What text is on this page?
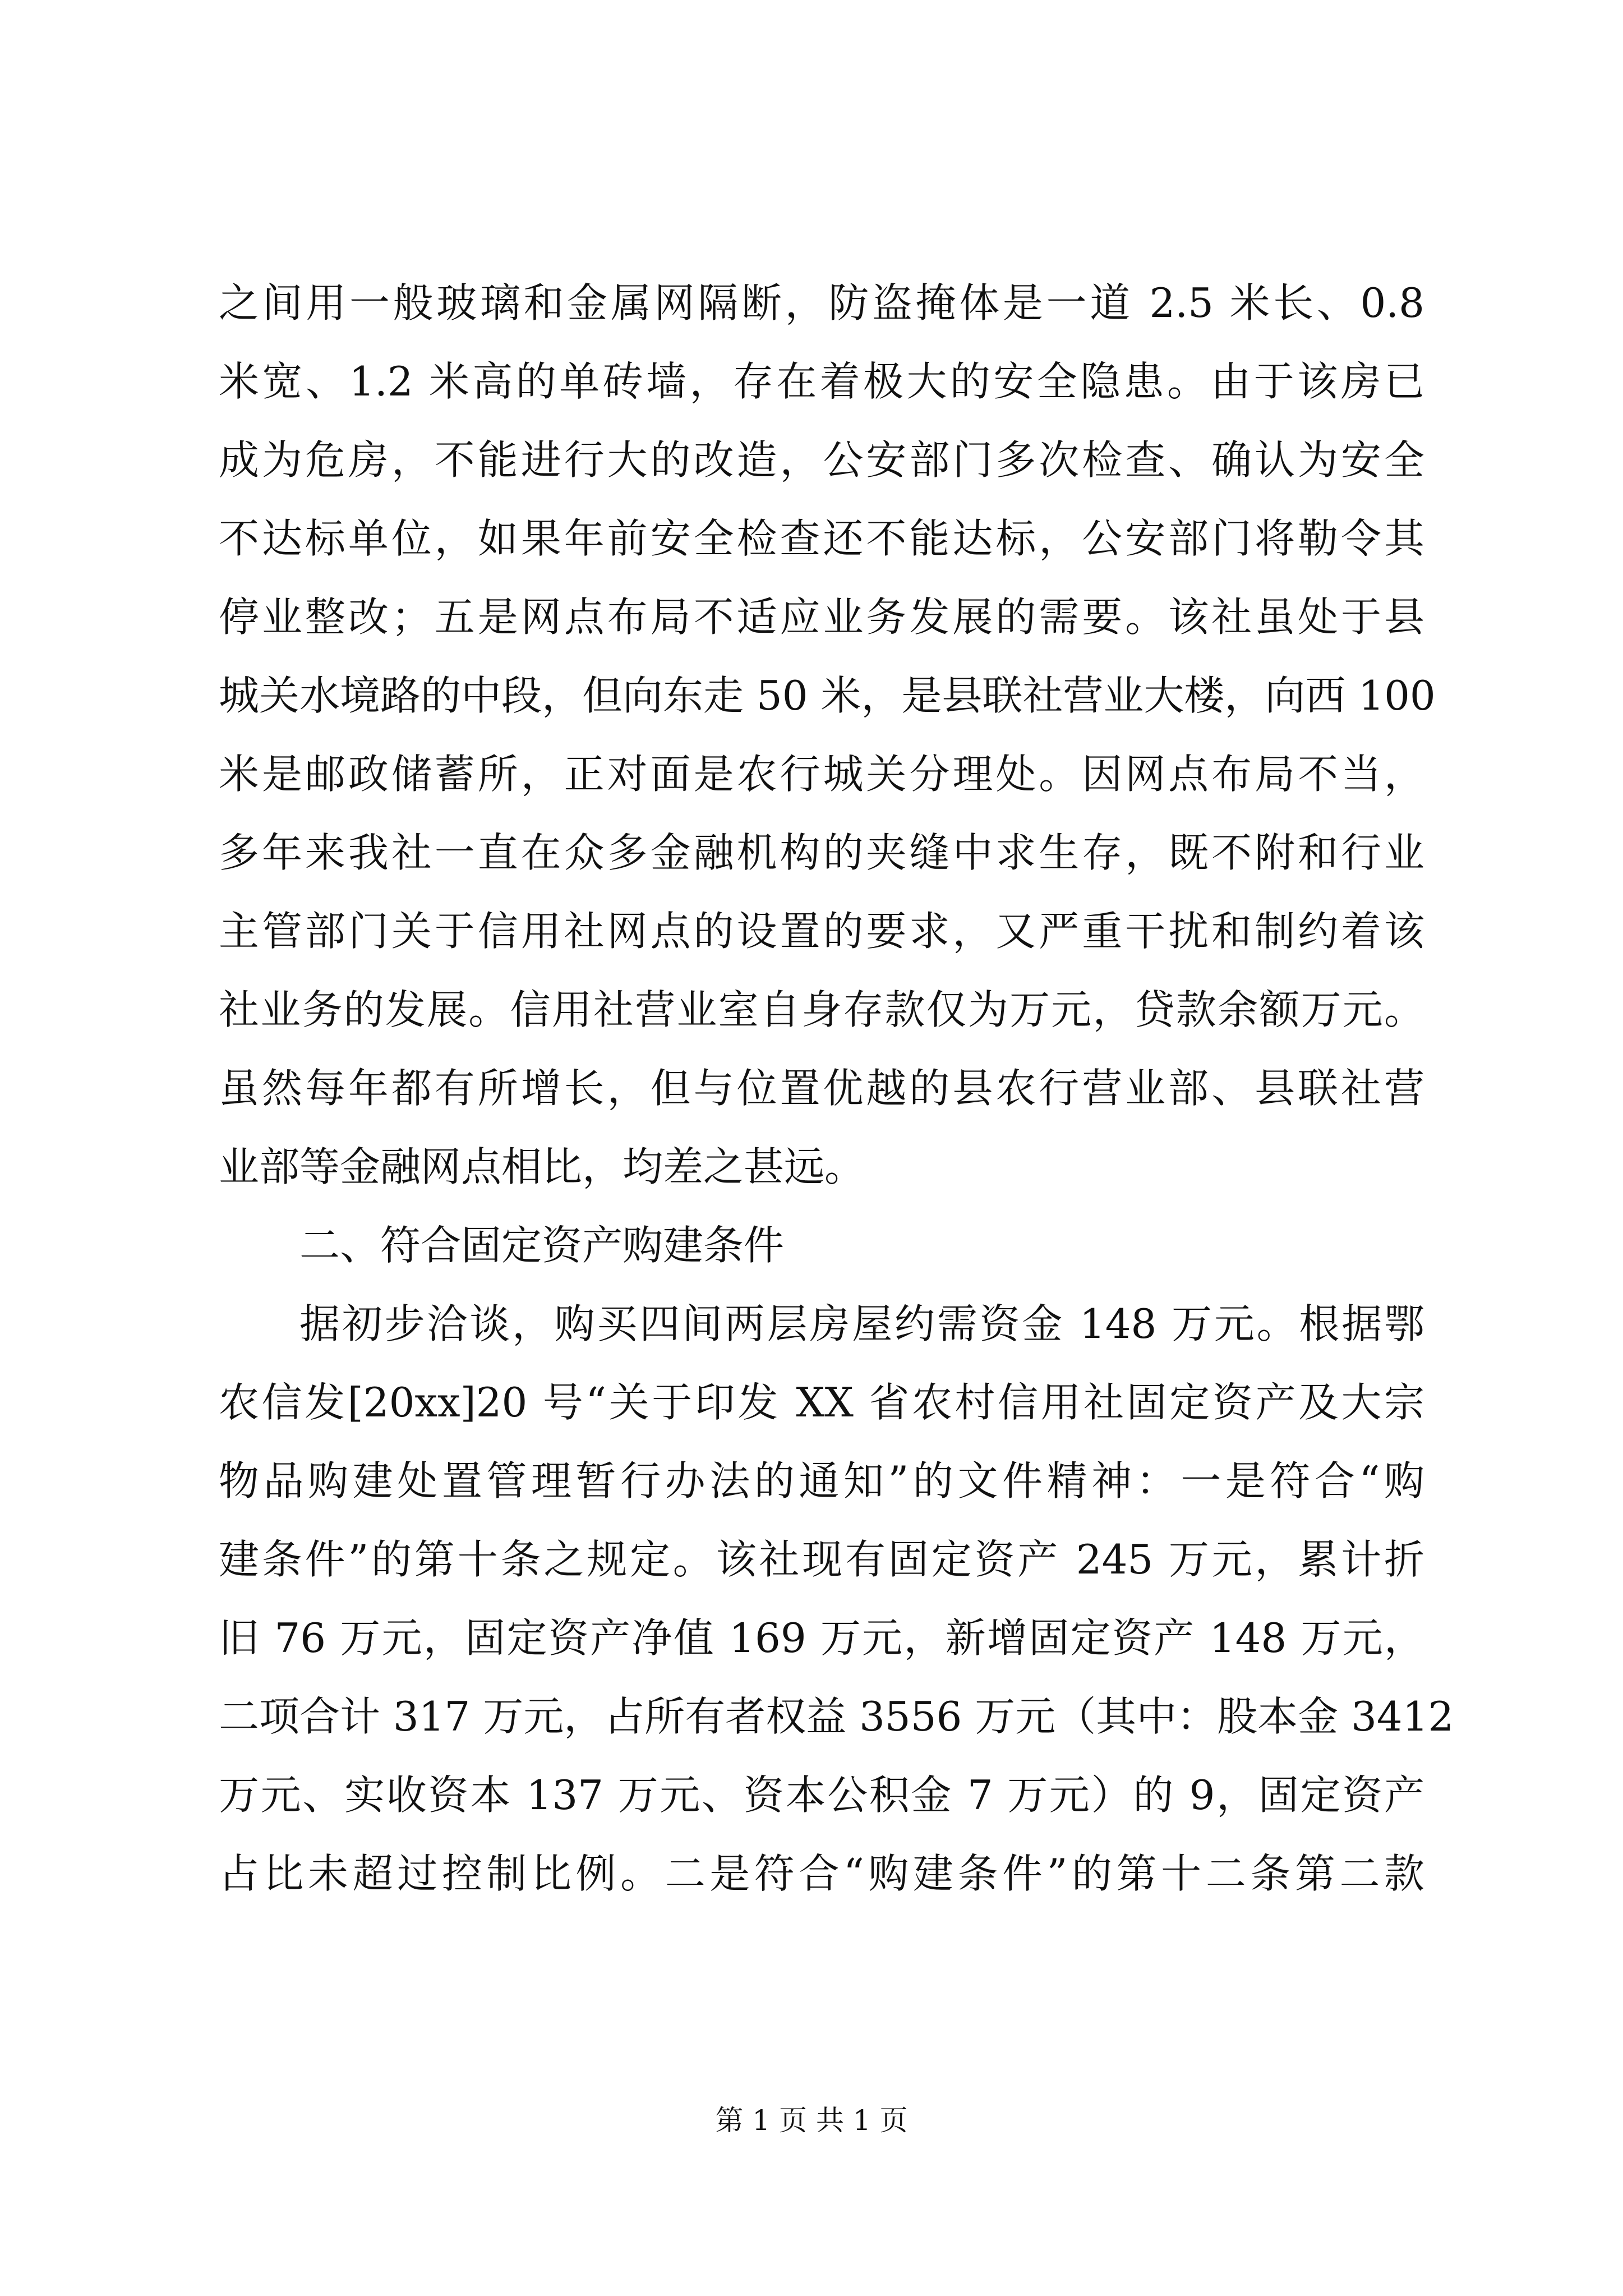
之间用一般玻璃和金属网隔断，防盗掩体是一道 2.5 米长、0.8
米宽、1.2 米高的单砖墙，存在着极大的安全隐患。由于该房已
成为危房，不能进行大的改造，公安部门多次检查、确认为安全
不达标单位，如果年前安全检查还不能达标，公安部门将勒令其
停业整改；五是网点布局不适应业务发展的需要。该社虽处于县
城关水境路的中段，但向东走 50 米，是县联社营业大楼，向西 100
米是邮政储蓄所，正对面是农行城关分理处。因网点布局不当，
多年来我社一直在众多金融机构的夹缝中求生存，既不附和行业
主管部门关于信用社网点的设置的要求，又严重干扰和制约着该
社业务的发展。信用社营业室自身存款仅为万元，贷款余额万元。
虽然每年都有所增长，但与位置优越的县农行营业部、县联社营
业部等金融网点相比，均差之甚远。
二、符合固定资产购建条件
据初步洽谈，购买四间两层房屋约需资金 148 万元。根据鄂
农信发[20xx]20 号“关于印发 XX 省农村信用社固定资产及大宗
物品购建处置管理暂行办法的通知”的文件精神：一是符合“购
建条件”的第十条之规定。该社现有固定资产 245 万元，累计折
旧 76 万元，固定资产净值 169 万元，新增固定资产 148 万元，
二项合计 317 万元，占所有者权益 3556 万元（其中：股本金 3412
万元、实收资本 137 万元、资本公积金 7 万元）的 9，固定资产
占比未超过控制比例。二是符合“购建条件”的第十二条第二款
第 1 页 共 1 页
